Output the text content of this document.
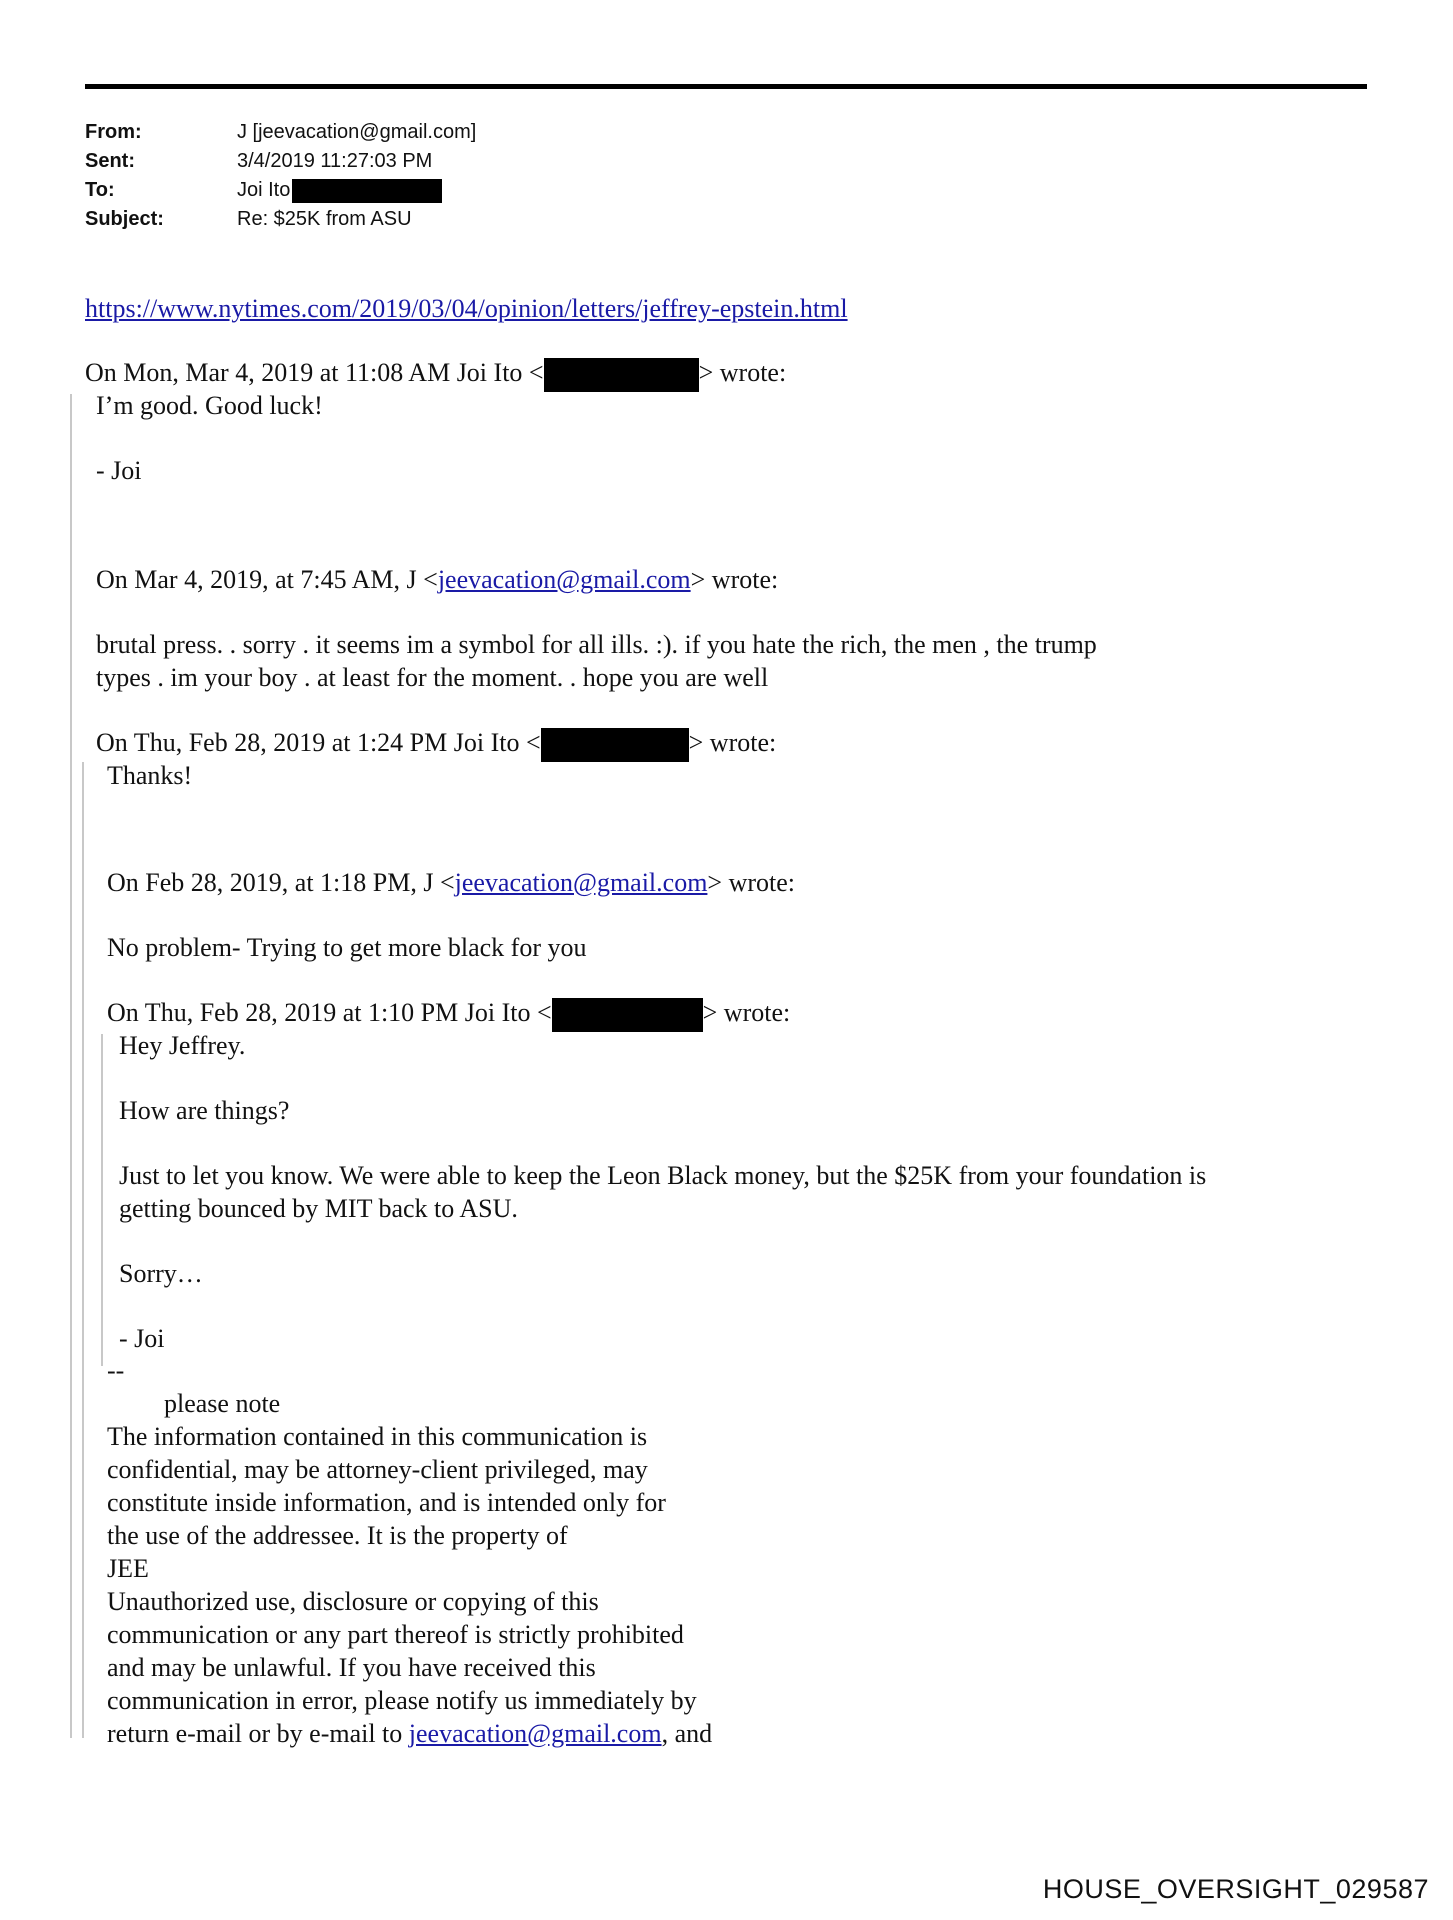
From:	J [jeevacation@gmail.com]
Sent:	3/4/2019 11:27:03 PM
To:	Joi Ito
Subject:	Re: $25K from ASU
https://www.nytimes.com/2019/03/04/opinion/letters/jeffrey-epstein.html
On Mon, Mar 4, 2019 at 11:08 AM Joi Ito <	> wrote:
I’m good. Good luck!
- Joi
On Mar 4, 2019, at 7:45 AM, J <jeevacation@gmail.com> wrote:
brutal press. . sorry . it seems im a symbol for all ills. :). if you hate the rich, the men , the trump
types . im your boy . at least for the moment. . hope you are well
On Thu, Feb 28, 2019 at 1:24 PM Joi Ito <	> wrote:
Thanks!
On Feb 28, 2019, at 1:18 PM, J <jeevacation@gmail.com> wrote:
No problem- Trying to get more black for you
On Thu, Feb 28, 2019 at 1:10 PM Joi Ito <	> wrote:
Hey Jeffrey.
How are things?
Just to let you know. We were able to keep the Leon Black money, but the $25K from your foundation is
getting bounced by MIT back to ASU.
Sorry…
- Joi
--
please note
The information contained in this communication is
confidential, may be attorney-client privileged, may
constitute inside information, and is intended only for
the use of the addressee. It is the property of
JEE
Unauthorized use, disclosure or copying of this
communication or any part thereof is strictly prohibited
and may be unlawful. If you have received this
communication in error, please notify us immediately by
return e-mail or by e-mail to jeevacation@gmail.com, and
HOUSE_OVERSIGHT_029587
